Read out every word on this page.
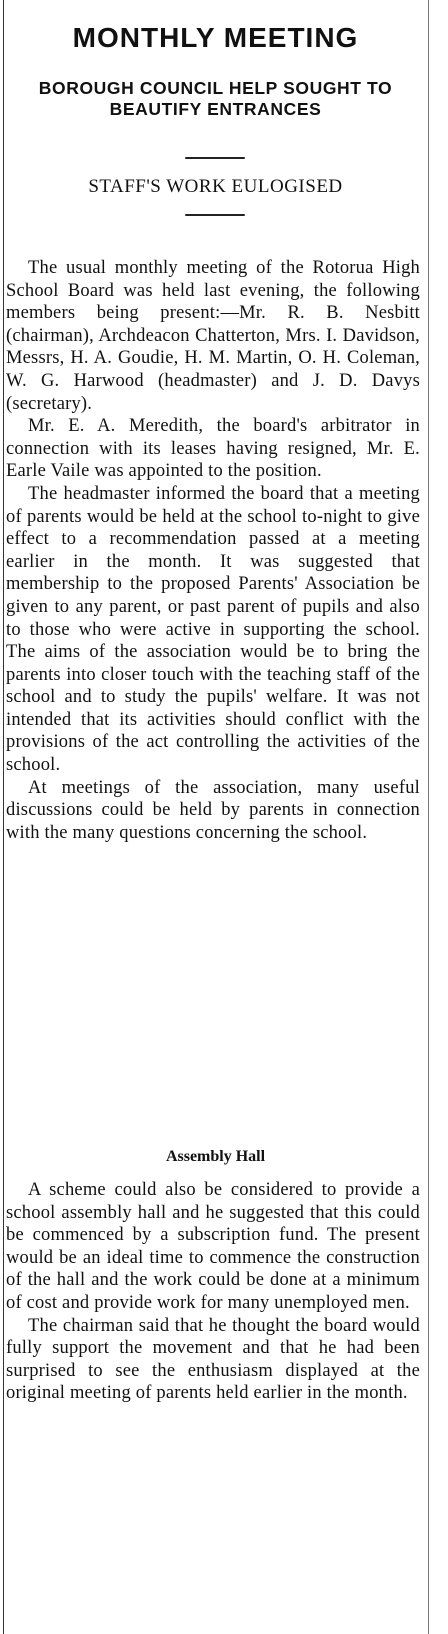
MONTHLY MEETING
BOROUGH COUNCIL HELP SOUGHT TO BEAUTIFY ENTRANCES
STAFF'S WORK EULOGISED

The usual monthly meeting of the Rotorua High School Board was held last evening, the following members being present:—Mr. R. B. Nesbitt (chairman), Archdeacon Chatterton, Mrs. I. Davidson, Messrs, H. A. Goudie, H. M. Martin, O. H. Coleman, W. G. Harwood (headmaster) and J. D. Davys (secretary).

Mr. E. A. Meredith, the board's arbitrator in connection with its leases having resigned, Mr. E. Earle Vaile was appointed to the position.

The headmaster informed the board that a meeting of parents would be held at the school to-night to give effect to a recommendation passed at a meeting earlier in the month. It was suggested that membership to the proposed Parents' Association be given to any parent, or past parent of pupils and also to those who were active in supporting the school. The aims of the association would be to bring the parents into closer touch with the teaching staff of the school and to study the pupils' welfare. It was not intended that its activities should conflict with the provisions of the act controlling the activities of the school.

At meetings of the association, many useful discussions could be held by parents in connection with the many questions concerning the school.

Assembly Hall

A scheme could also be considered to provide a school assembly hall and he suggested that this could be commenced by a subscription fund. The present would be an ideal time to commence the construction of the hall and the work could be done at a minimum of cost and provide work for many unemployed men.

The chairman said that he thought the board would fully support the movement and that he had been surprised to see the enthusiasm displayed at the original meeting of parents held earlier in the month.
